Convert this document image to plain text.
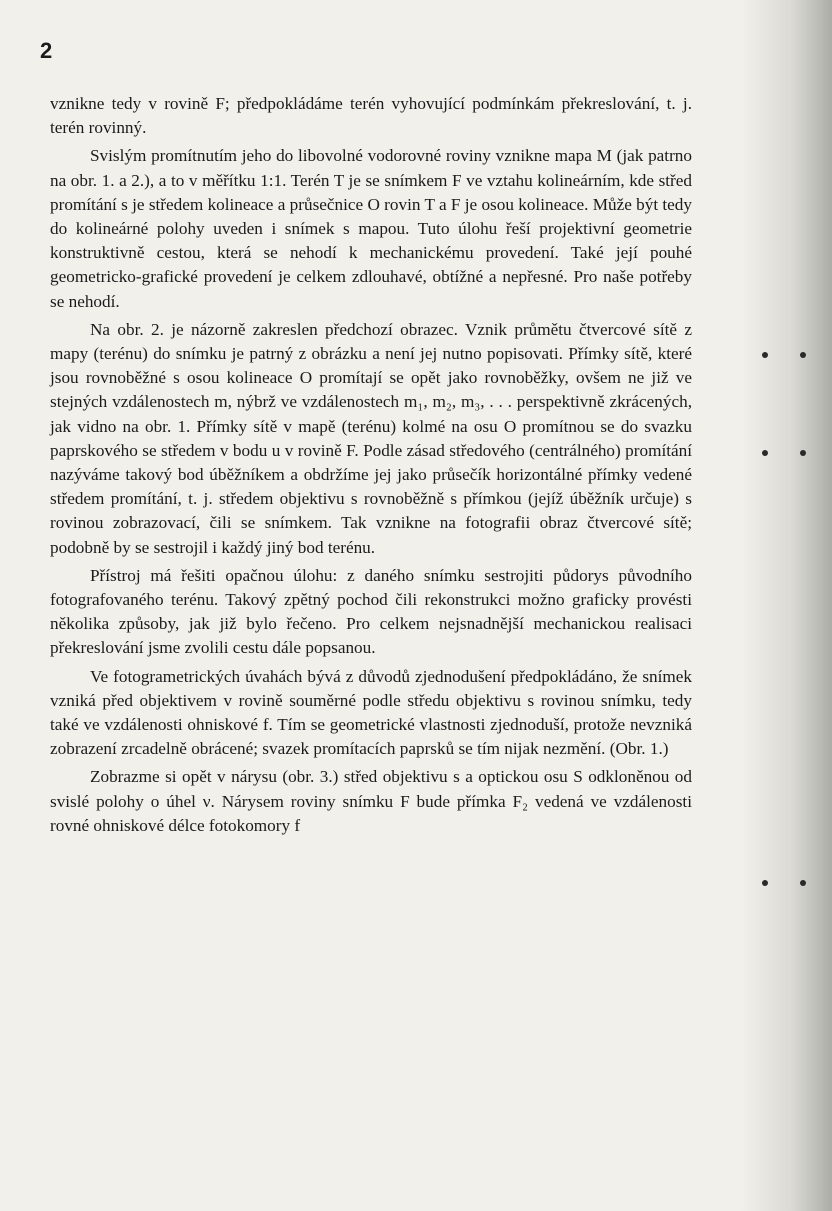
2

vznikne tedy v rovině F; předpokládáme terén vyhovující podmínkám překreslování, t. j. terén rovinný.

Svislým promítnutím jeho do libovolné vodorovné roviny vznikne mapa M (jak patrno na obr. 1. a 2.), a to v měřítku 1:1. Terén T je se snímkem F ve vztahu kolineárním, kde střed promítání s je středem kolineace a průsečnice O rovin T a F je osou kolineace. Může být tedy do kolineárné polohy uveden i snímek s mapou. Tuto úlohu řeší projektivní geometrie konstruktivně cestou, která se nehodí k mechanickému provedení. Také její pouhé geometricko-grafické provedení je celkem zdlouhavé, obtížné a nepřesné. Pro naše potřeby se nehodí.

Na obr. 2. je názorně zakreslen předchozí obrazec. Vznik průmětu čtvercové sítě z mapy (terénu) do snímku je patrný z obrázku a není jej nutno popisovati. Přímky sítě, které jsou rovnoběžné s osou kolineace O promítají se opět jako rovnoběžky, ovšem ne již ve stejných vzdálenostech m, nýbrž ve vzdálenostech m₁, m₂, m₃, . . . perspektivně zkrácených, jak vidno na obr. 1. Přímky sítě v mapě (terénu) kolmé na osu O promítnou se do svazku paprskového se středem v bodu u v rovině F. Podle zásad středového (centrálného) promítání nazýváme takový bod úběžníkem a obdržíme jej jako průsečík horizontálné přímky vedené středem promítání, t. j. středem objektivu s rovnoběžně s přímkou (jejíž úběžník určuje) s rovinou zobrazovací, čili se snímkem. Tak vznikne na fotografii obraz čtvercové sítě; podobně by se sestrojil i každý jiný bod terénu.

Přístroj má řešiti opačnou úlohu: z daného snímku sestrojiti půdorys původního fotografovaného terénu. Takový zpětný pochod čili rekonstrukci možno graficky provésti několika způsoby, jak již bylo řečeno. Pro celkem nejsnadnější mechanickou realisaci překreslování jsme zvolili cestu dále popsanou.

Ve fotogrametrických úvahách bývá z důvodů zjednodušení předpokládáno, že snímek vzniká před objektivem v rovině souměrné podle středu objektivu s rovinou snímku, tedy také ve vzdálenosti ohniskové f. Tím se geometrické vlastnosti zjednoduší, protože nevzniká zobrazení zrcadelně obrácené; svazek promítacích paprsků se tím nijak nezmění. (Obr. 1.)

Zobrazme si opět v nárysu (obr. 3.) střed objektivu s a optickou osu S odkloněnou od svislé polohy o úhel ν. Nárysem roviny snímku F bude přímka F₂ vedená ve vzdálenosti rovné ohniskové délce fotokomory f
